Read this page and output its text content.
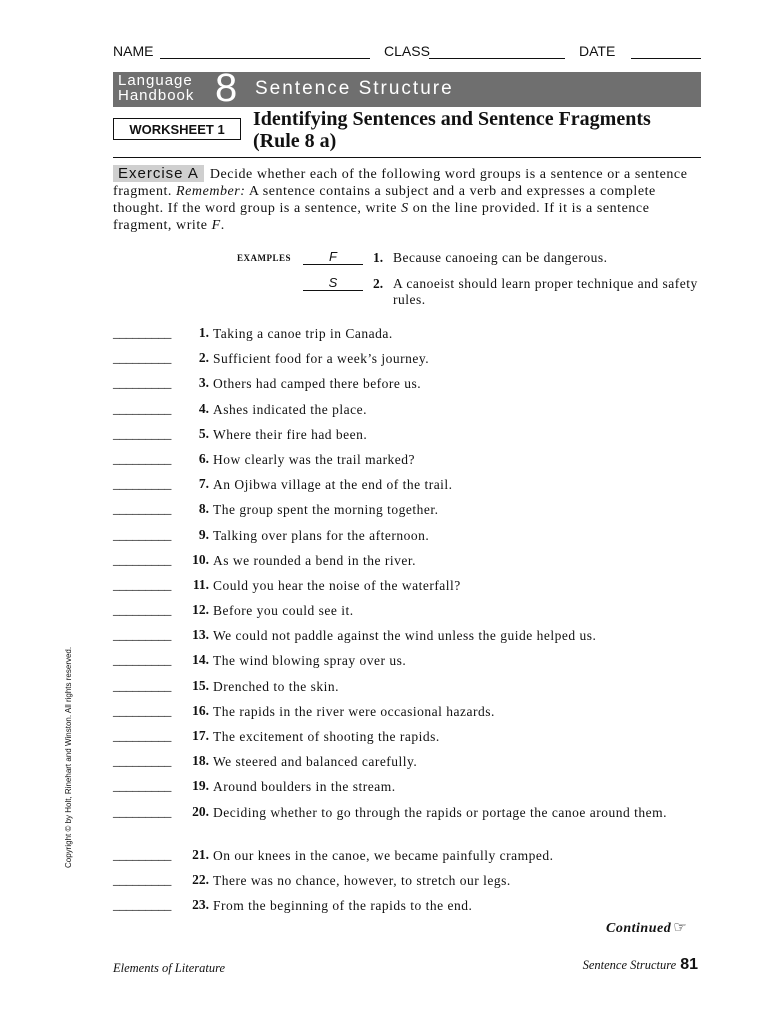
NAME	CLASS	DATE
Language
Handbook 8 Sentence Structure
WORKSHEET 1	Identifying Sentences and Sentence Fragments (Rule 8 a)
Exercise A Decide whether each of the following word groups is a sentence or a sentence fragment. Remember: A sentence contains a subject and a verb and expresses a complete thought. If the word group is a sentence, write S on the line provided. If it is a sentence fragment, write F.
EXAMPLES	F	1. Because canoeing can be dangerous.
S	2. A canoeist should learn proper technique and safety rules.
_________	1. Taking a canoe trip in Canada.
_________	2. Sufficient food for a week’s journey.
_________	3. Others had camped there before us.
_________	4. Ashes indicated the place.
_________	5. Where their fire had been.
_________	6. How clearly was the trail marked?
_________	7. An Ojibwa village at the end of the trail.
_________	8. The group spent the morning together.
_________	9. Talking over plans for the afternoon.
_________	10. As we rounded a bend in the river.
_________	11. Could you hear the noise of the waterfall?
_________	12. Before you could see it.
_________	13. We could not paddle against the wind unless the guide helped us.
_________	14. The wind blowing spray over us.
_________	15. Drenched to the skin.
_________	16. The rapids in the river were occasional hazards.
_________	17. The excitement of shooting the rapids.
_________	18. We steered and balanced carefully.
_________	19. Around boulders in the stream.
_________	20. Deciding whether to go through the rapids or portage the canoe around them.
_________	21. On our knees in the canoe, we became painfully cramped.
_________	22. There was no chance, however, to stretch our legs.
_________	23. From the beginning of the rapids to the end.
Continued ☞
Elements of Literature	Sentence Structure 81
Copyright © by Holt, Rinehart and Winston. All rights reserved.
